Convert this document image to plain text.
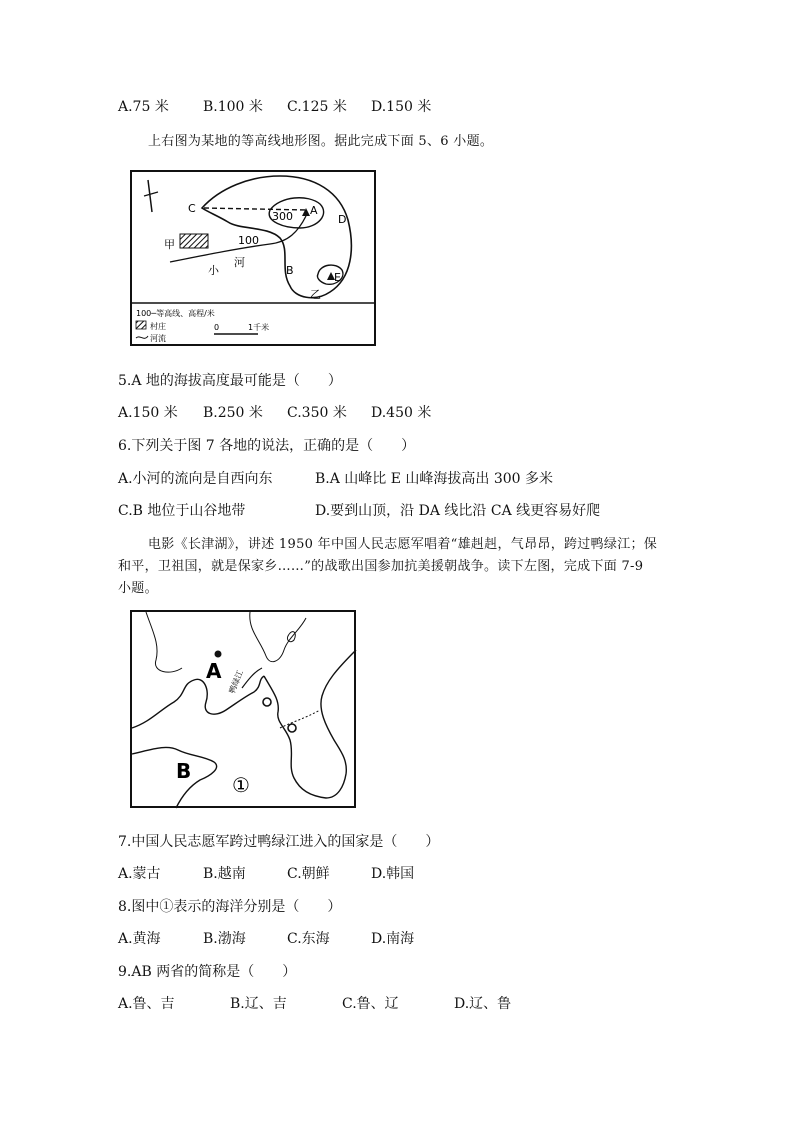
A.75 米 B.100 米 C.125 米 D.150 米
上右图为某地的等高线地形图。据此完成下面 5、6 小题。
C	A
D
B
E
甲
乙
300
100
小
河
100─等高线、高程/米
村庄
河流
0	1千米
5.A 地的海拔高度最可能是（　　）
A.150 米 B.250 米 C.350 米 D.450 米
6.下列关于图 7 各地的说法，正确的是（　　）
A.小河的流向是自西向东	B.A 山峰比 E 山峰海拔高出 300 多米
C.B 地位于山谷地带	D.要到山顶，沿 DA 线比沿 CA 线更容易好爬
电影《长津湖》，讲述 1950 年中国人民志愿军唱着“雄赳赳，气昂昂，跨过鸭绿江；保
和平，卫祖国，就是保家乡……”的战歌出国参加抗美援朝战争。读下左图，完成下面 7-9
小题。
A
B
①
鸭绿江
7.中国人民志愿军跨过鸭绿江进入的国家是（　　）
A.蒙古	B.越南	C.朝鲜	D.韩国
8.图中①表示的海洋分别是（　　）
A.黄海	B.渤海	C.东海	D.南海
9.AB 两省的简称是（　　）
A.鲁、吉	B.辽、吉	C.鲁、辽	D.辽、鲁
